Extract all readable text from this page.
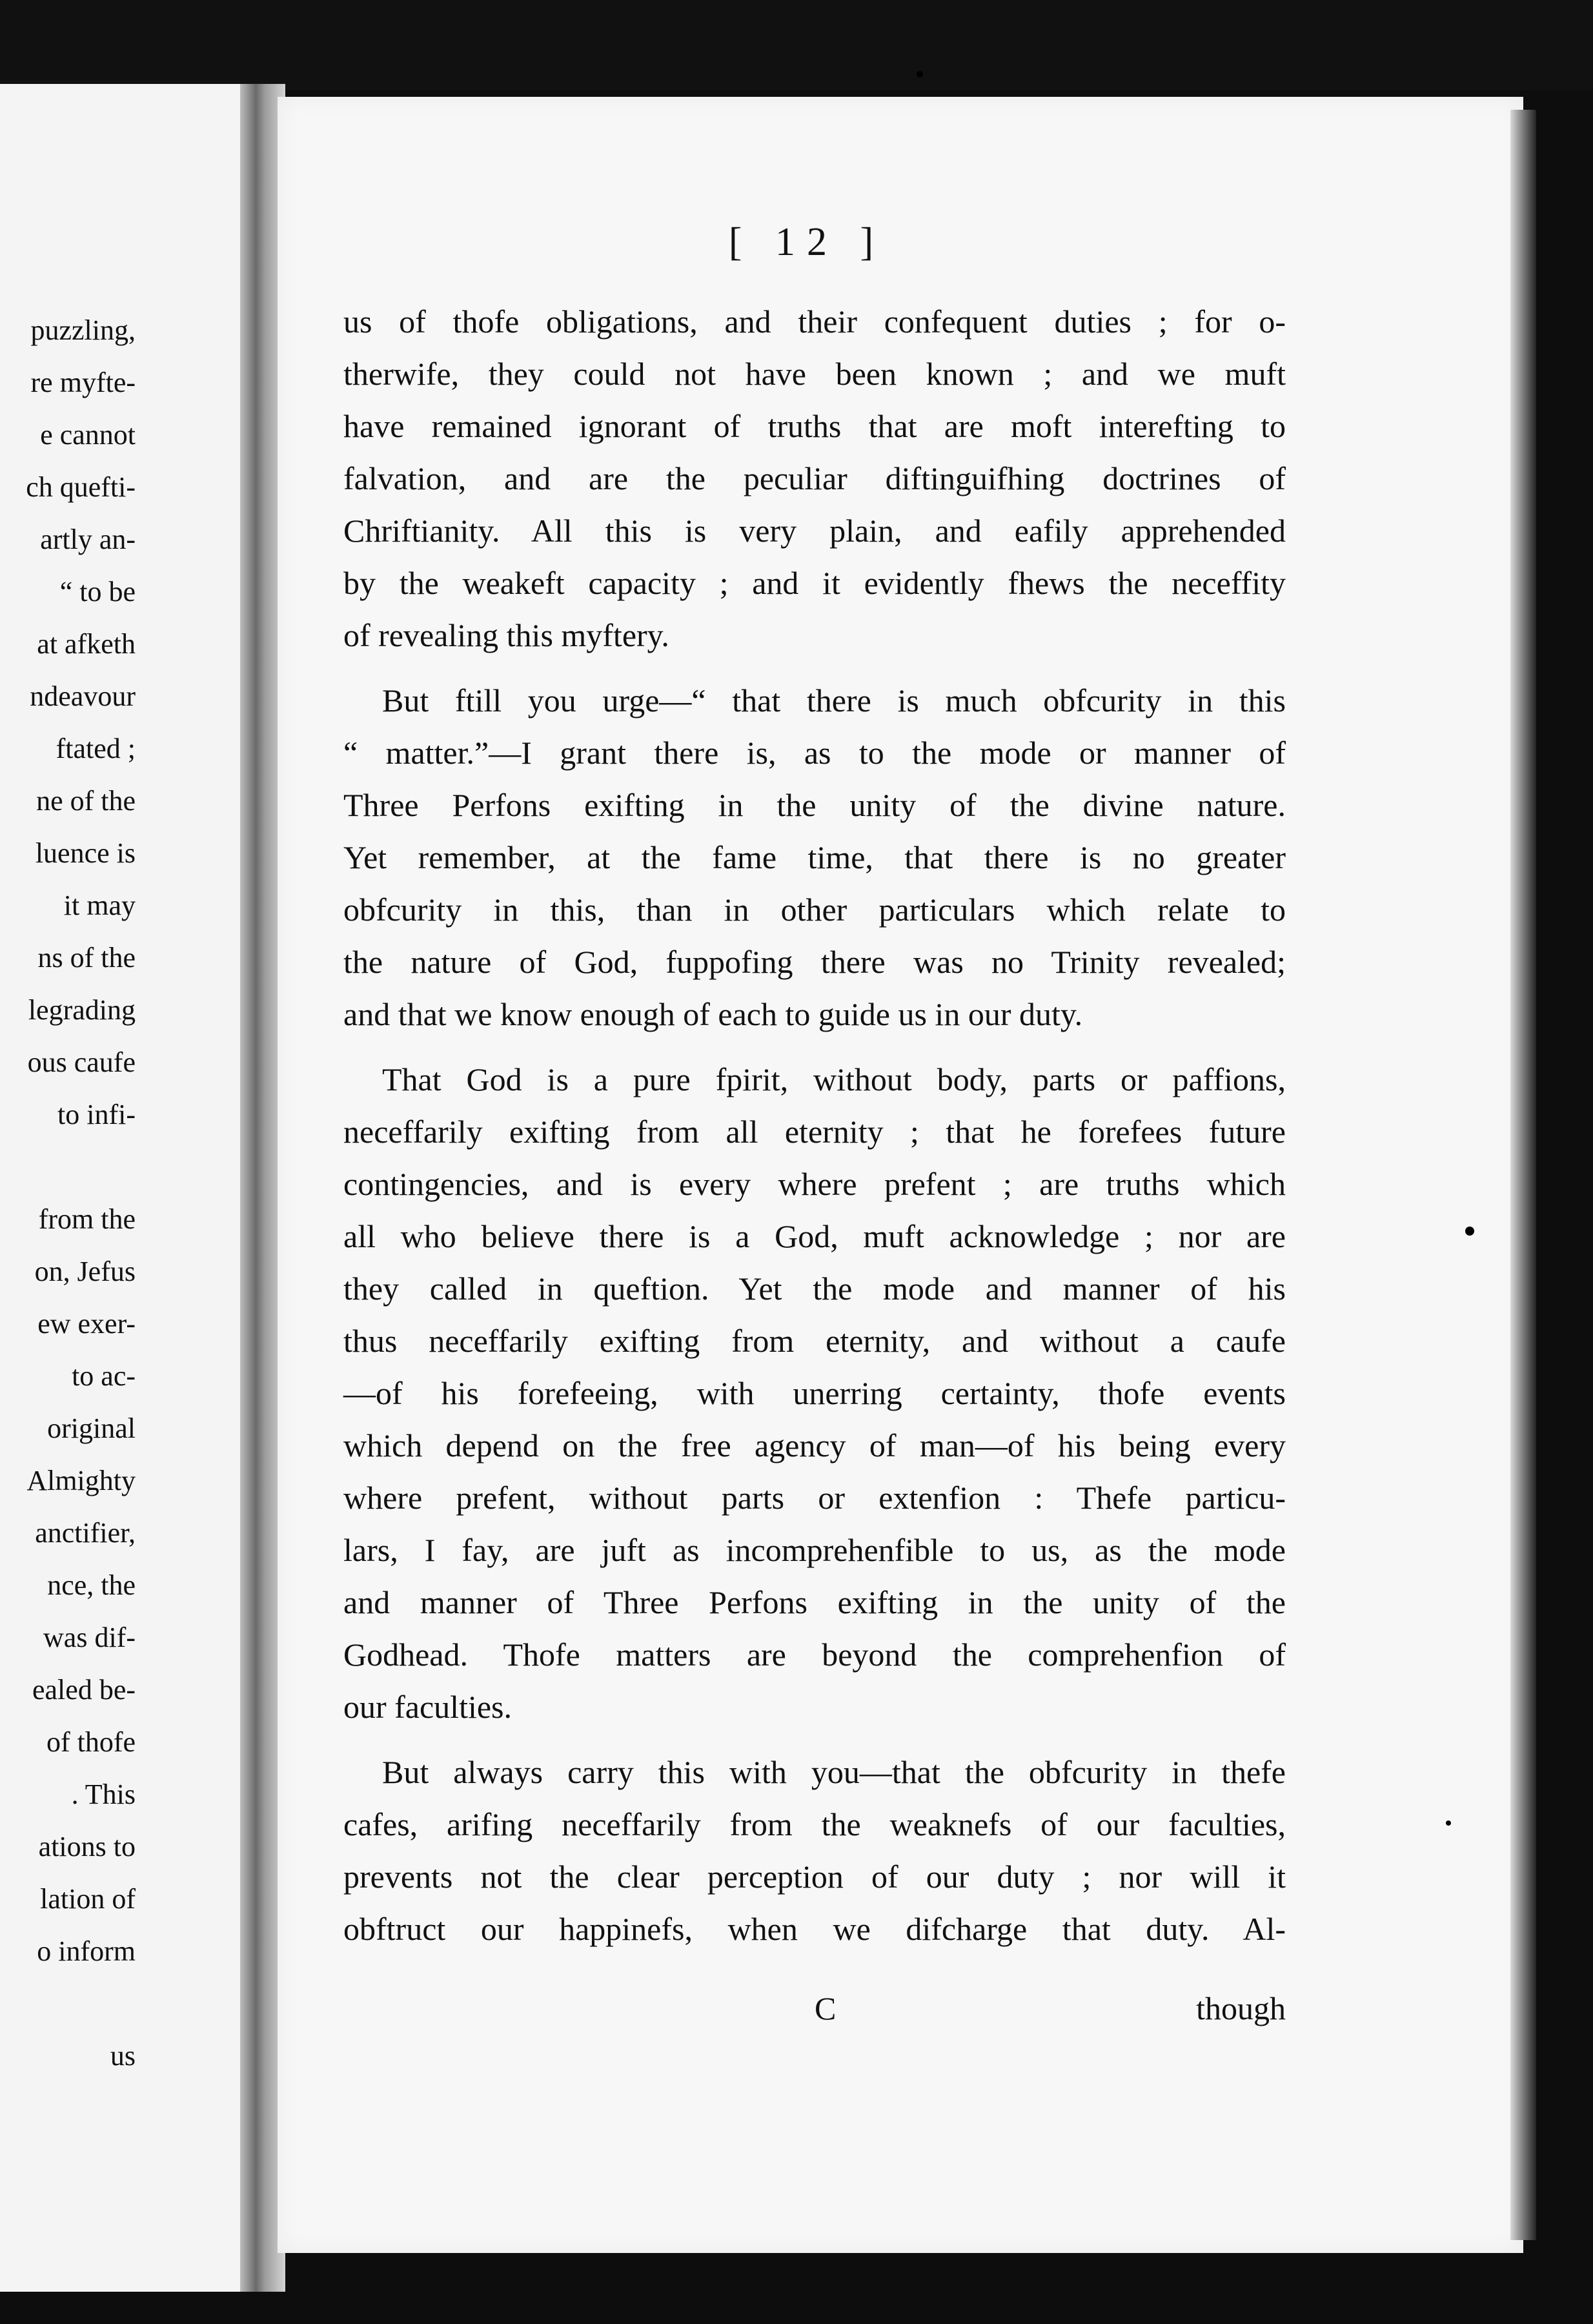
puzzling,
re myfte-
e cannot
ch quefti-
artly an-
“ to be
at afketh
ndeavour
ftated ;
ne of the
luence is
it may
ns of the
legrading
ous caufe
to infi-
from the
on, Jefus
ew exer-
to ac-
original
Almighty
anctifier,
nce, the
was dif-
ealed be-
of thofe
. This
ations to
lation of
o inform
us
[ 12 ]
us of thofe obligations, and their confequent duties ; for o-
therwife, they could not have been known ; and we muft
have remained ignorant of truths that are moft interefting to
falvation, and are the peculiar diftinguifhing doctrines of
Chriftianity. All this is very plain, and eafily apprehended
by the weakeft capacity ; and it evidently fhews the neceffity
of revealing this myftery.
But ftill you urge—“ that there is much obfcurity in this
“ matter.”—I grant there is, as to the mode or manner of
Three Perfons exifting in the unity of the divine nature.
Yet remember, at the fame time, that there is no greater
obfcurity in this, than in other particulars which relate to
the nature of God, fuppofing there was no Trinity revealed;
and that we know enough of each to guide us in our duty.
That God is a pure fpirit, without body, parts or paffions,
neceffarily exifting from all eternity ; that he forefees future
contingencies, and is every where prefent ; are truths which
all who believe there is a God, muft acknowledge ; nor are
they called in queftion. Yet the mode and manner of his
thus neceffarily exifting from eternity, and without a caufe
—of his forefeeing, with unerring certainty, thofe events
which depend on the free agency of man—of his being every
where prefent, without parts or extenfion : Thefe particu-
lars, I fay, are juft as incomprehenfible to us, as the mode
and manner of Three Perfons exifting in the unity of the
Godhead. Thofe matters are beyond the comprehenfion of
our faculties.
But always carry this with you—that the obfcurity in thefe
cafes, arifing neceffarily from the weaknefs of our faculties,
prevents not the clear perception of our duty ; nor will it
obftruct our happinefs, when we difcharge that duty. Al-
C	though
